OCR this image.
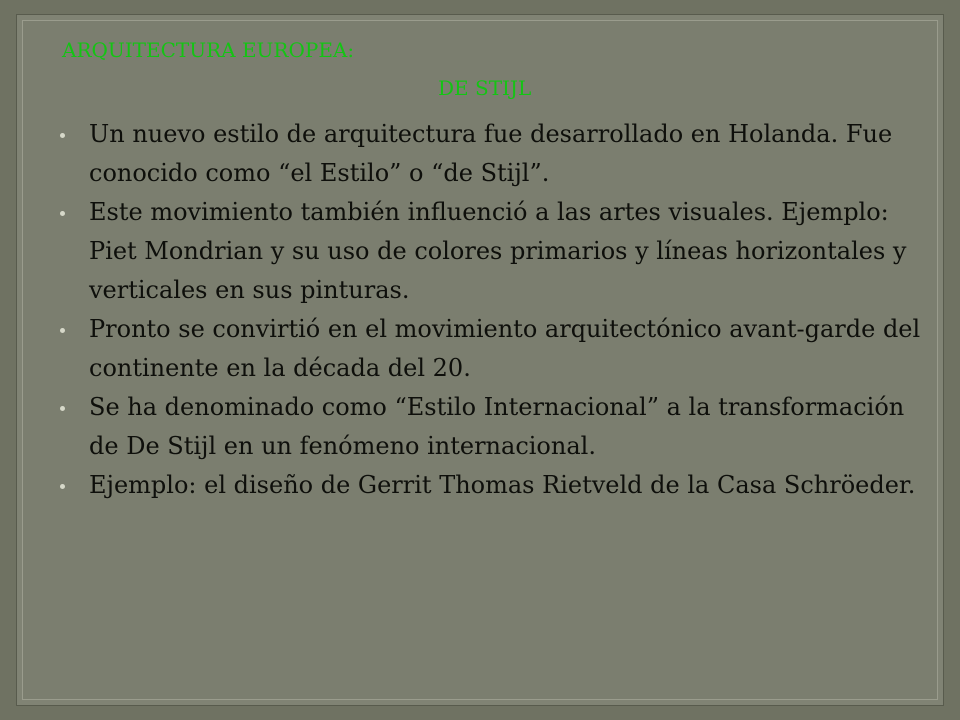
ARQUITECTURA EUROPEA:
DE STIJL
Un nuevo estilo de arquitectura fue desarrollado en Holanda. Fue conocido como “el Estilo” o “de Stijl”.
Este movimiento también influenció a las artes visuales. Ejemplo: Piet Mondrian y su uso de colores primarios y líneas horizontales y verticales en sus pinturas.
Pronto se convirtió en el movimiento arquitectónico avant-garde del continente en la década del 20.
Se ha denominado como “Estilo Internacional” a la transformación de De Stijl en un fenómeno internacional.
Ejemplo: el diseño de Gerrit Thomas Rietveld de la Casa Schröeder.
